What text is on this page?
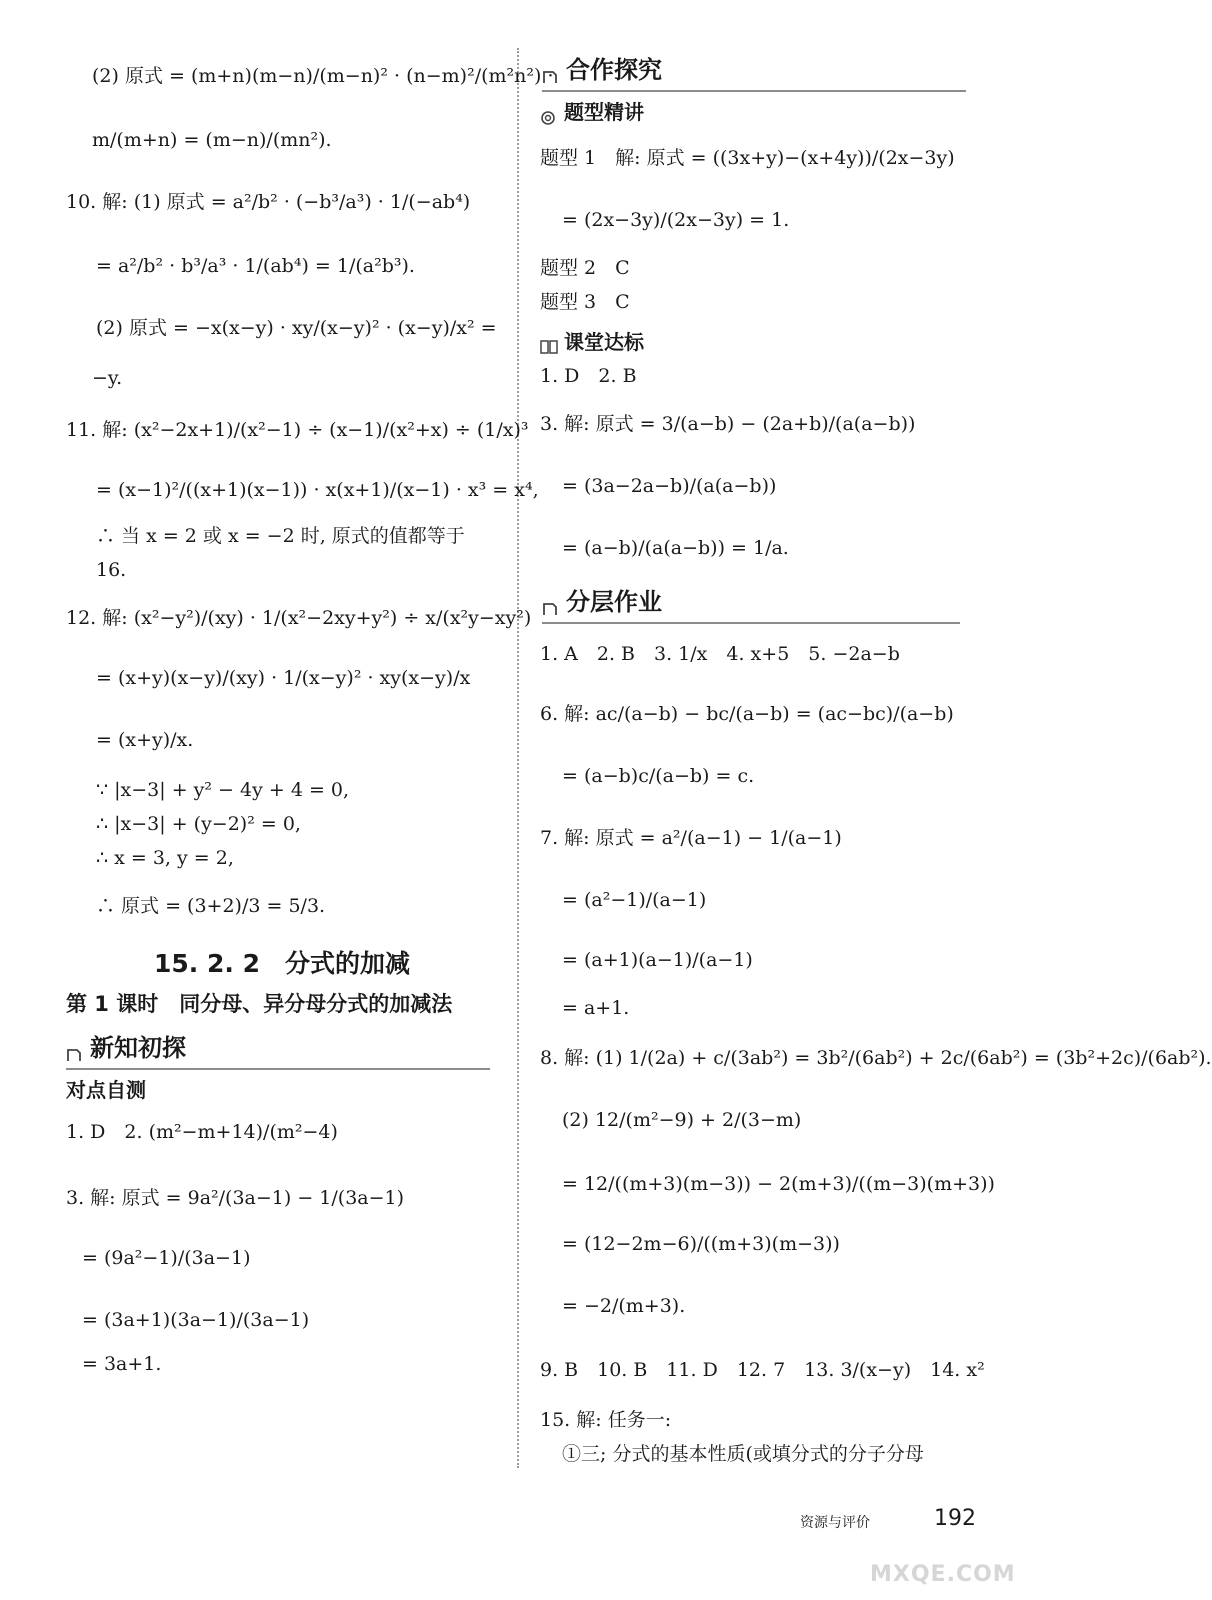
(2) 原式 = (m+n)(m−n)/(m−n)² · (n−m)²/(m²n²) ·
m/(m+n) = (m−n)/(mn²).
10. 解: (1) 原式 = a²/b² · (−b³/a³) · 1/(−ab⁴)
= a²/b² · b³/a³ · 1/(ab⁴) = 1/(a²b³).
(2) 原式 = −x(x−y) · xy/(x−y)² · (x−y)/x² =
−y.
11. 解: (x²−2x+1)/(x²−1) ÷ (x−1)/(x²+x) ÷ (1/x)³
= (x−1)²/((x+1)(x−1)) · x(x+1)/(x−1) · x³ = x⁴,
∴ 当 x = 2 或 x = −2 时, 原式的值都等于
16.
12. 解: (x²−y²)/(xy) · 1/(x²−2xy+y²) ÷ x/(x²y−xy²)
= (x+y)(x−y)/(xy) · 1/(x−y)² · xy(x−y)/x
= (x+y)/x.
∵ |x−3| + y² − 4y + 4 = 0,
∴ |x−3| + (y−2)² = 0,
∴ x = 3, y = 2,
∴ 原式 = (3+2)/3 = 5/3.
15. 2. 2　分式的加减
第 1 课时　同分母、异分母分式的加减法
新知初探
对点自测
1. D　2. (m²−m+14)/(m²−4)
3. 解: 原式 = 9a²/(3a−1) − 1/(3a−1)
= (9a²−1)/(3a−1)
= (3a+1)(3a−1)/(3a−1)
= 3a+1.
合作探究
题型精讲
题型 1　解: 原式 = ((3x+y)−(x+4y))/(2x−3y)
= (2x−3y)/(2x−3y) = 1.
题型 2　C
题型 3　C
课堂达标
1. D　2. B
3. 解: 原式 = 3/(a−b) − (2a+b)/(a(a−b))
= (3a−2a−b)/(a(a−b))
= (a−b)/(a(a−b)) = 1/a.
分层作业
1. A　2. B　3. 1/x　4. x+5　5. −2a−b
6. 解: ac/(a−b) − bc/(a−b) = (ac−bc)/(a−b)
= (a−b)c/(a−b) = c.
7. 解: 原式 = a²/(a−1) − 1/(a−1)
= (a²−1)/(a−1)
= (a+1)(a−1)/(a−1)
= a+1.
8. 解: (1) 1/(2a) + c/(3ab²) = 3b²/(6ab²) + 2c/(6ab²) = (3b²+2c)/(6ab²).
(2) 12/(m²−9) + 2/(3−m)
= 12/((m+3)(m−3)) − 2(m+3)/((m−3)(m+3))
= (12−2m−6)/((m+3)(m−3))
= −2/(m+3).
9. B　10. B　11. D　12. 7　13. 3/(x−y)　14. x²
15. 解: 任务一:
①三; 分式的基本性质(或填分式的分子分母
资源与评价	192
MXQE.COM
